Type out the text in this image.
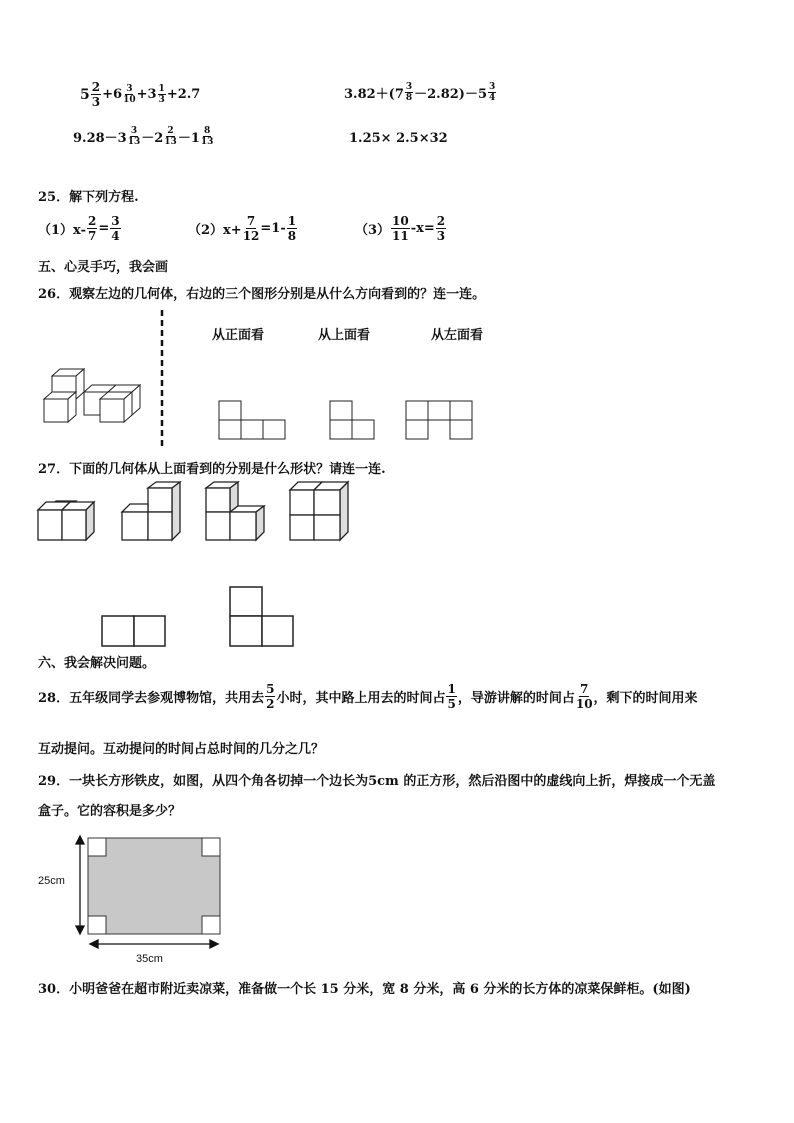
$5 \frac{2}{3} +6 \frac{3}{10} +3 \frac{1}{3} +2.7$	$3.82+(7 \frac{3}{8} -2.82)-5 \frac{3}{4}$
$9.28-3 \frac{3}{13} -2 \frac{2}{13} -1 \frac{8}{13}$	1.25× 2.5×32
25．解下列方程.
$(1)x- \frac{2}{7} = \frac{3}{4}$	$(2)x+ \frac{7}{12} =1- \frac{1}{8}$	$(3) \frac{10}{11} -x= \frac{2}{3}$
五、心灵手巧，我会画
26．观察左边的几何体，右边的三个图形分别是从什么方向看到的？连一连。
从正面看	从上面看	从左面看
27．下面的几何体从上面看到的分别是什么形状？请连一连.
六、我会解决问题。
28．五年级同学去参观博物馆，共用去 $\frac{5}{2}$ 小时，其中路上用去的时间占 $\frac{1}{5}$ ，导游讲解的时间占 $\frac{7}{10}$ ，剩下的时间用来
互动提问。互动提问的时间占总时间的几分之几？
29．一块长方形铁皮，如图，从四个角各切掉一个边长为5cm 的正方形，然后沿图中的虚线向上折，焊接成一个无盖
盒子。它的容积是多少？
25cm
35cm
30．小明爸爸在超市附近卖凉菜，准备做一个长 15 分米，宽 8 分米，高 6 分米的长方体的凉菜保鲜柜。(如图)
